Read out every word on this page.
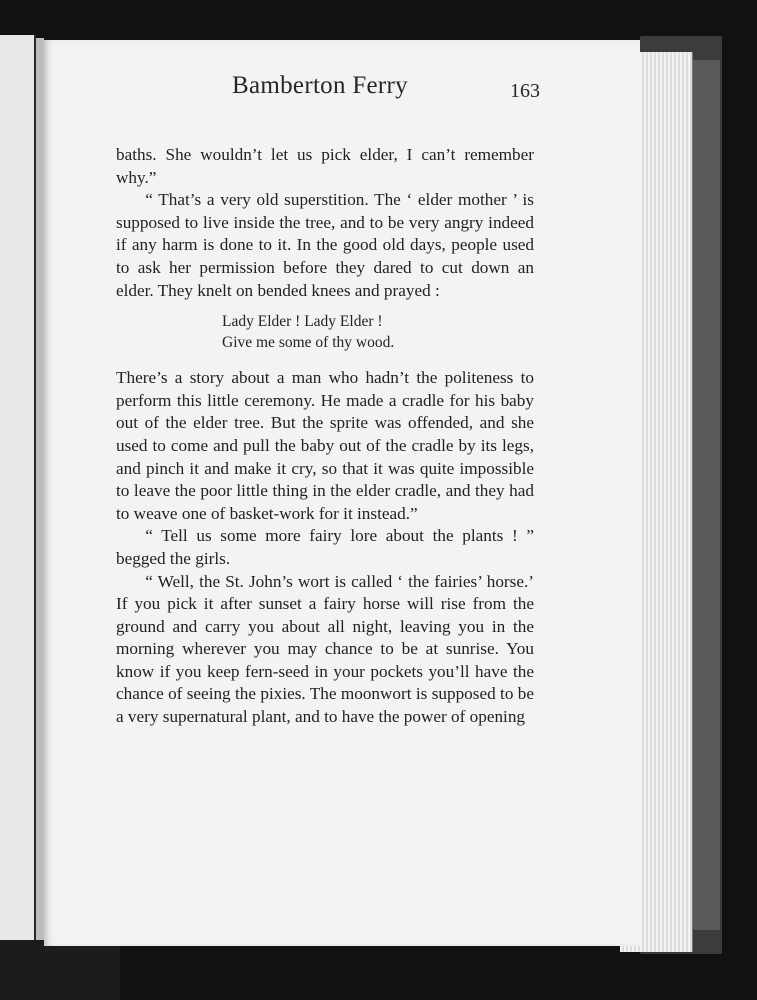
Bamberton Ferry	163

baths. She wouldn’t let us pick elder, I can’t remember why.”

“ That’s a very old superstition. The ‘ elder mother ’ is supposed to live inside the tree, and to be very angry indeed if any harm is done to it. In the good old days, people used to ask her permission before they dared to cut down an elder. They knelt on bended knees and prayed :

Lady Elder ! Lady Elder !
Give me some of thy wood.

There’s a story about a man who hadn’t the politeness to perform this little ceremony. He made a cradle for his baby out of the elder tree. But the sprite was offended, and she used to come and pull the baby out of the cradle by its legs, and pinch it and make it cry, so that it was quite impossible to leave the poor little thing in the elder cradle, and they had to weave one of basket-work for it instead.”

“ Tell us some more fairy lore about the plants ! ” begged the girls.

“ Well, the St. John’s wort is called ‘ the fairies’ horse.’ If you pick it after sunset a fairy horse will rise from the ground and carry you about all night, leaving you in the morning wherever you may chance to be at sunrise. You know if you keep fern-seed in your pockets you’ll have the chance of seeing the pixies. The moonwort is supposed to be a very supernatural plant, and to have the power of opening
